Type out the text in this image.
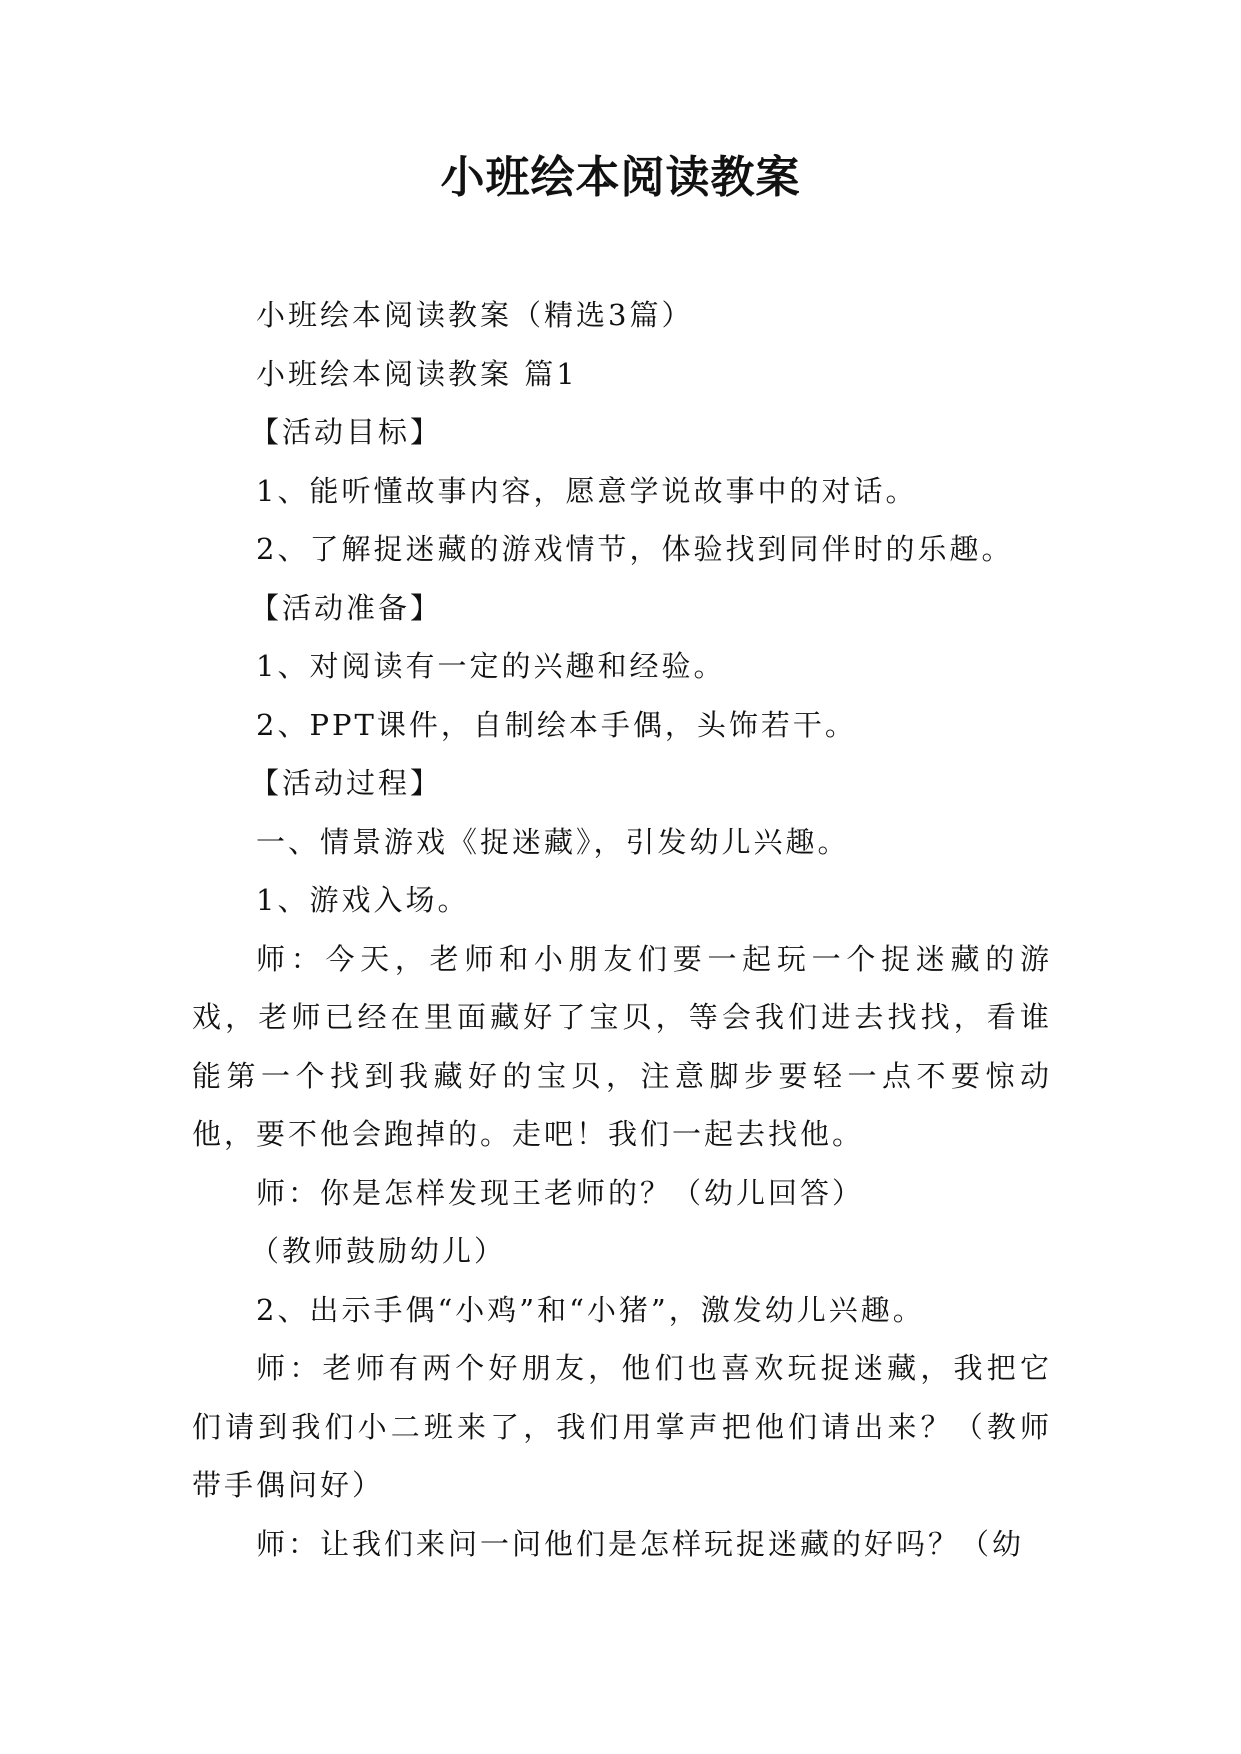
小班绘本阅读教案

小班绘本阅读教案（精选3篇）

小班绘本阅读教案 篇1

【活动目标】

1、能听懂故事内容，愿意学说故事中的对话。

2、了解捉迷藏的游戏情节，体验找到同伴时的乐趣。

【活动准备】

1、对阅读有一定的兴趣和经验。

2、PPT课件，自制绘本手偶，头饰若干。

【活动过程】

一、情景游戏《捉迷藏》，引发幼儿兴趣。

1、游戏入场。

师：今天，老师和小朋友们要一起玩一个捉迷藏的游戏，老师已经在里面藏好了宝贝，等会我们进去找找，看谁能第一个找到我藏好的宝贝，注意脚步要轻一点不要惊动他，要不他会跑掉的。走吧！我们一起去找他。

师：你是怎样发现王老师的？（幼儿回答）

（教师鼓励幼儿）

2、出示手偶“小鸡”和“小猪”，激发幼儿兴趣。

师：老师有两个好朋友，他们也喜欢玩捉迷藏，我把它们请到我们小二班来了，我们用掌声把他们请出来？（教师带手偶问好）

师：让我们来问一问他们是怎样玩捉迷藏的好吗？（幼
